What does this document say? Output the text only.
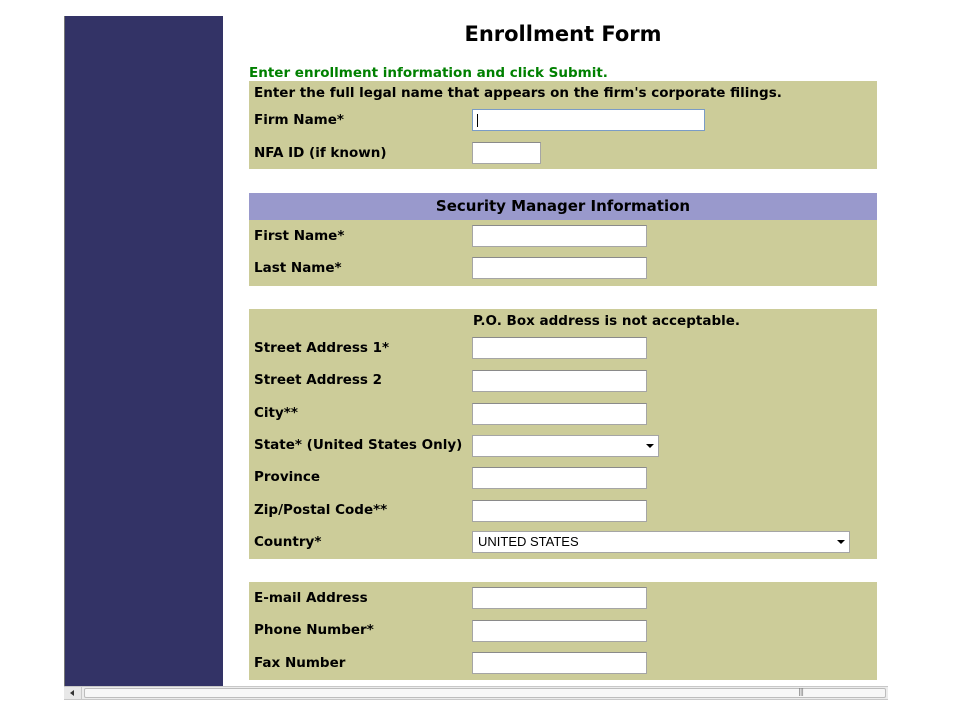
Enrollment Form
Enter enrollment information and click Submit.
Enter the full legal name that appears on the firm's corporate filings.
Firm Name*
NFA ID (if known)
Security Manager Information
First Name*
Last Name*
P.O. Box address is not acceptable.
Street Address 1*
Street Address 2
City**
State* (United States Only)
Province
Zip/Postal Code**
Country*	UNITED STATES
E-mail Address
Phone Number*
Fax Number
|||
